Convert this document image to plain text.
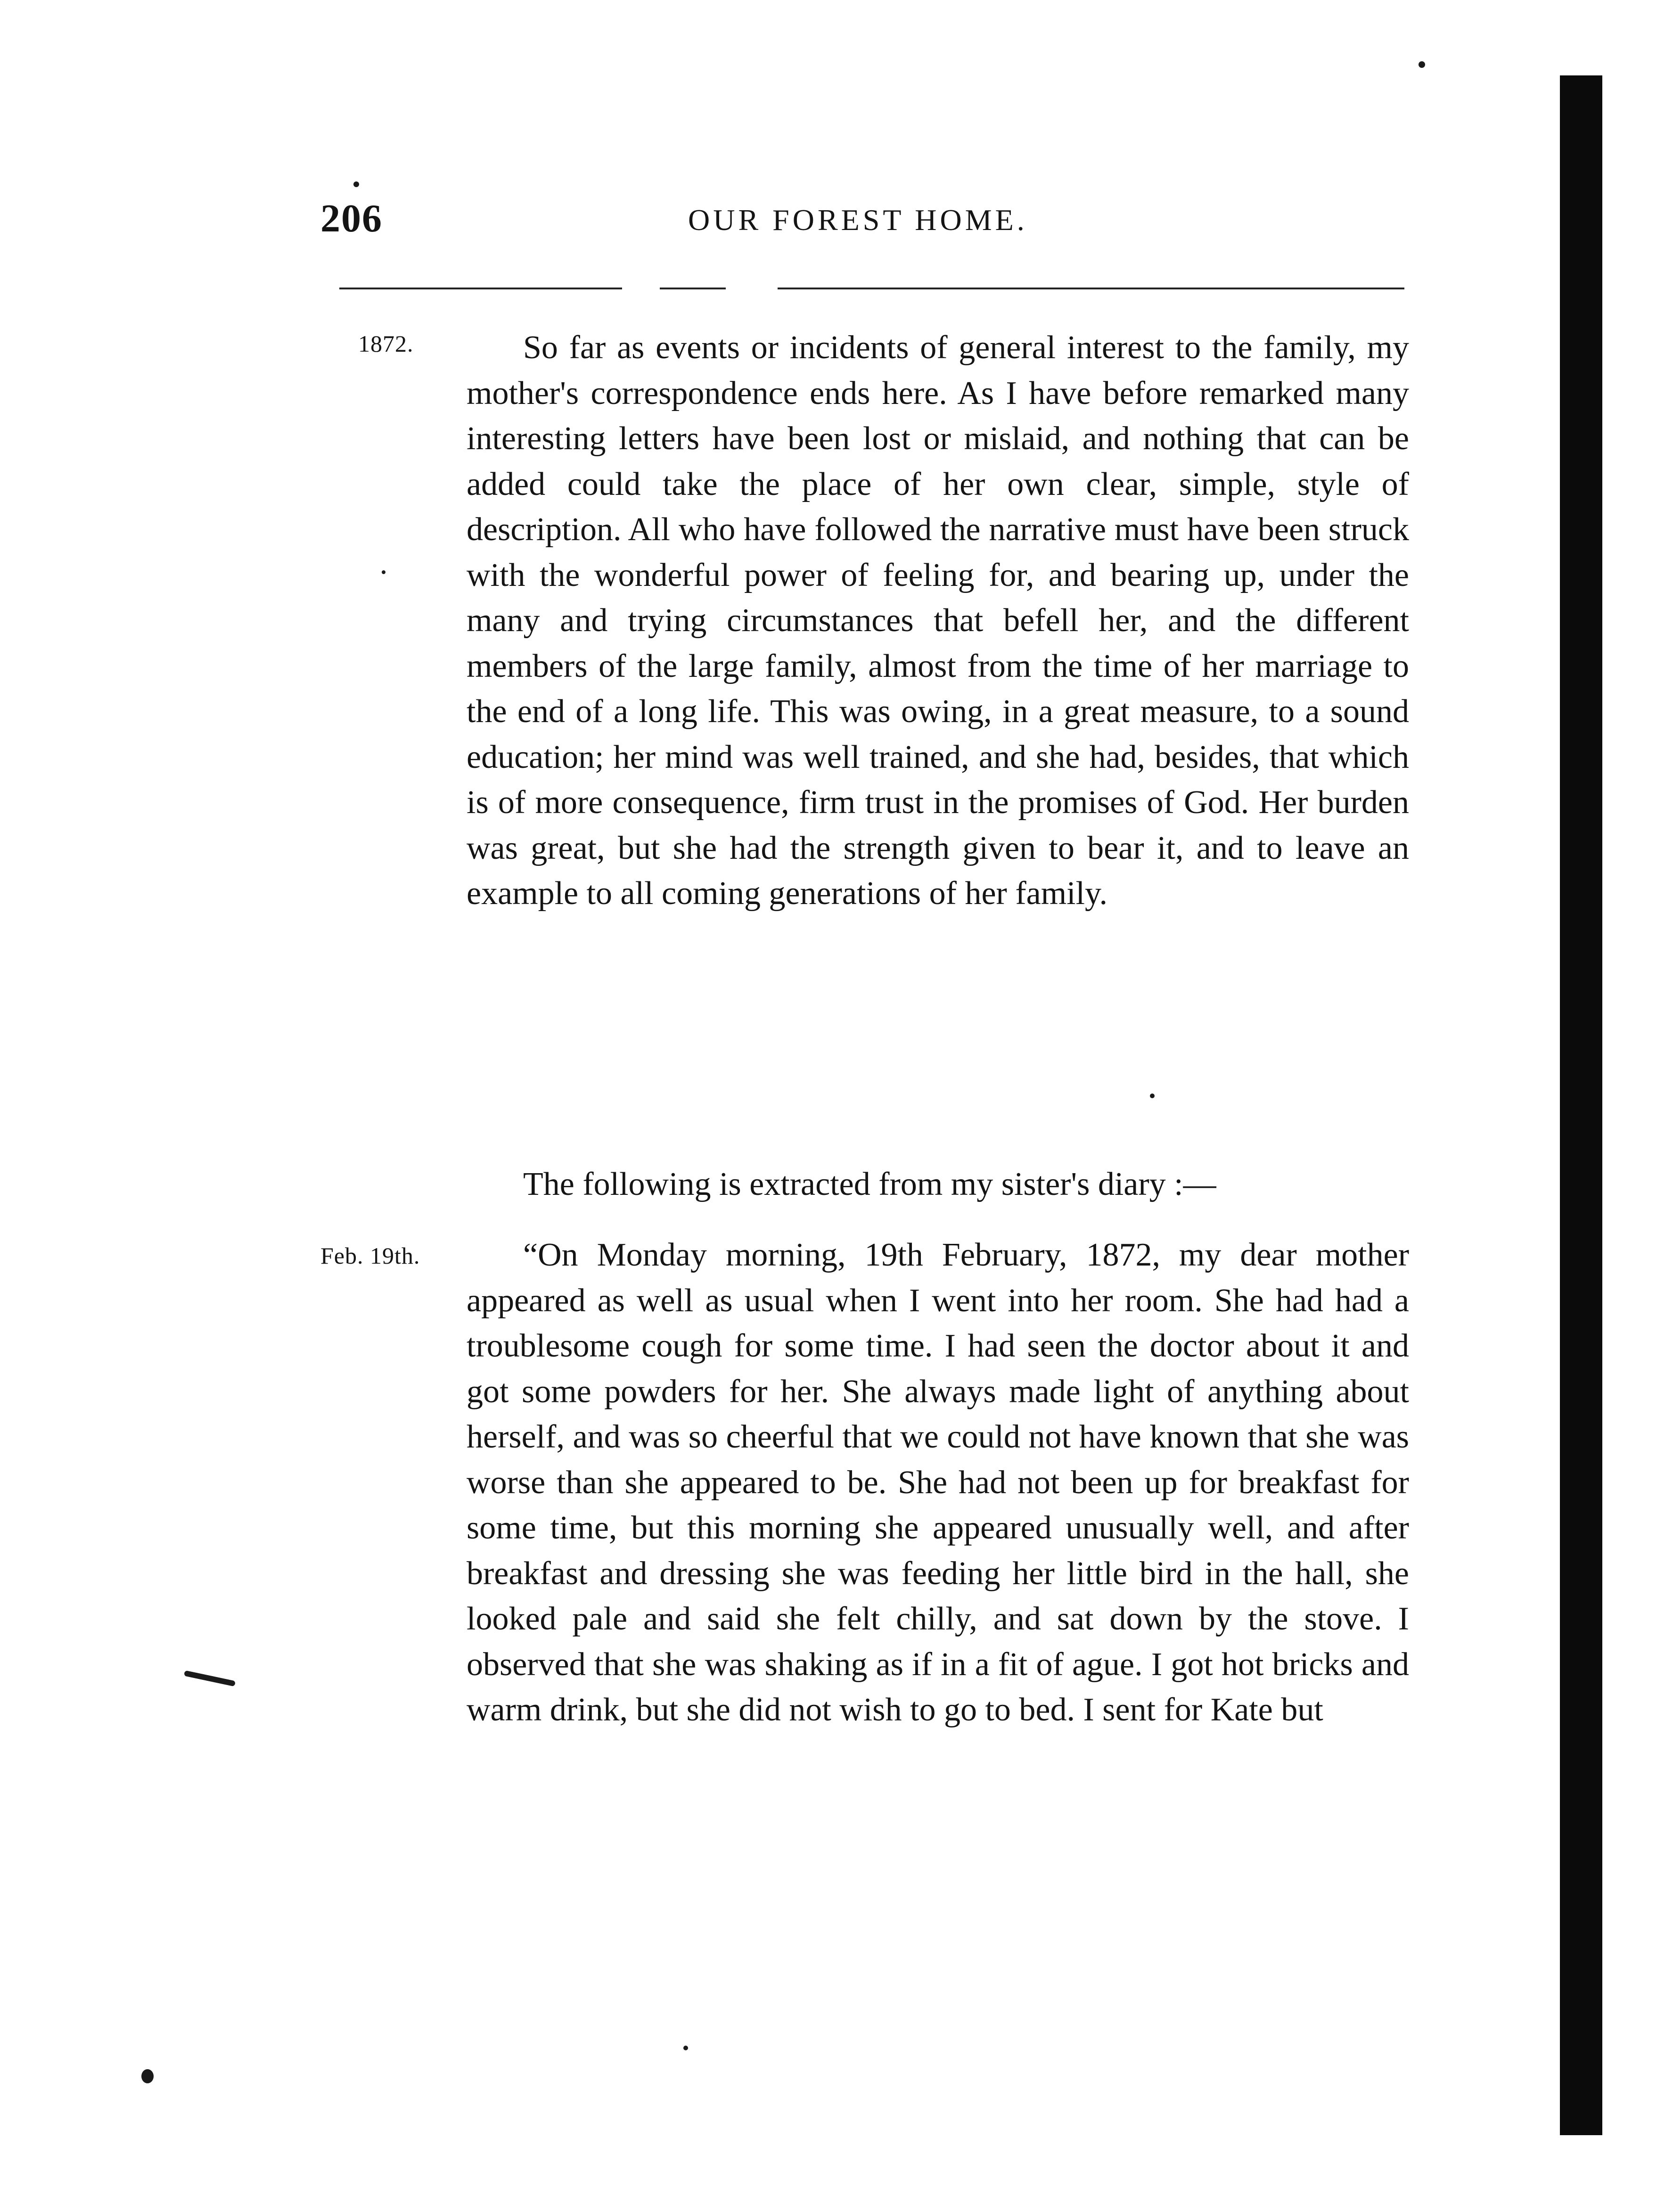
206	OUR FOREST HOME.
1872.	So far as events or incidents of general interest to the family, my mother's correspondence ends here. As I have before remarked many interesting letters have been lost or mislaid, and nothing that can be added could take the place of her own clear, simple, style of description. All who have followed the narrative must have been struck with the wonderful power of feeling for, and bearing up, under the many and trying circumstances that befell her, and the different members of the large family, almost from the time of her marriage to the end of a long life. This was owing, in a great measure, to a sound education; her mind was well trained, and she had, besides, that which is of more consequence, firm trust in the promises of God. Her burden was great, but she had the strength given to bear it, and to leave an example to all coming generations of her family.
The following is extracted from my sister's diary :—
Feb. 19th.	“On Monday morning, 19th February, 1872, my dear mother appeared as well as usual when I went into her room. She had had a troublesome cough for some time. I had seen the doctor about it and got some powders for her. She always made light of anything about herself, and was so cheerful that we could not have known that she was worse than she appeared to be. She had not been up for breakfast for some time, but this morning she appeared unusually well, and after breakfast and dressing she was feeding her little bird in the hall, she looked pale and said she felt chilly, and sat down by the stove. I observed that she was shaking as if in a fit of ague. I got hot bricks and warm drink, but she did not wish to go to bed. I sent for Kate but
